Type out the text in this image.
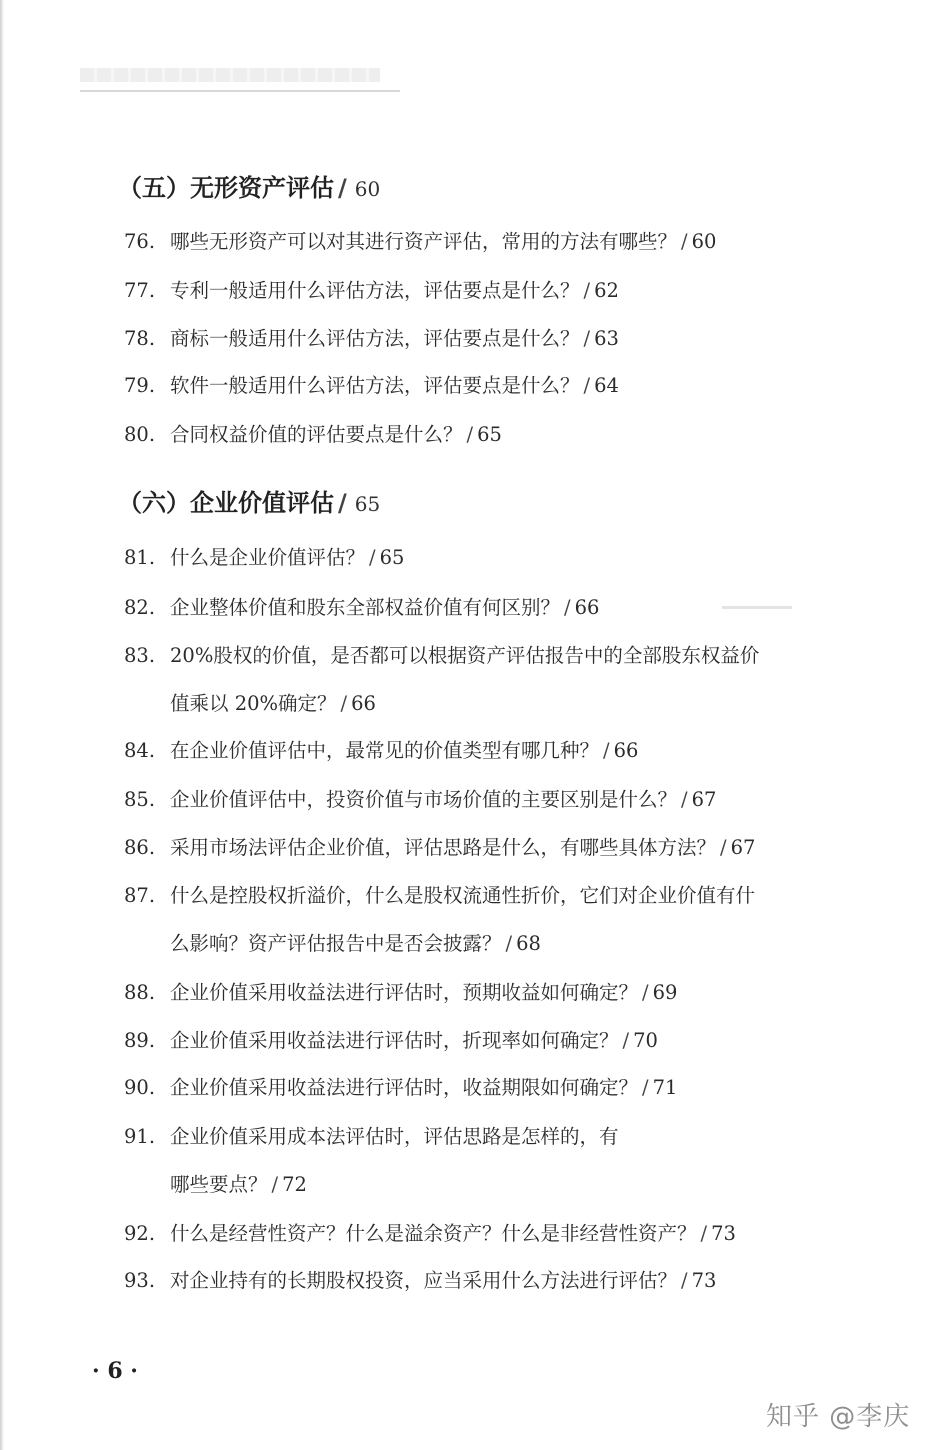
（五）无形资产评估 / 60
76. 哪些无形资产可以对其进行资产评估，常用的方法有哪些？ / 60
77. 专利一般适用什么评估方法，评估要点是什么？ / 62
78. 商标一般适用什么评估方法，评估要点是什么？ / 63
79. 软件一般适用什么评估方法，评估要点是什么？ / 64
80. 合同权益价值的评估要点是什么？ / 65
（六）企业价值评估 / 65
81. 什么是企业价值评估？ / 65
82. 企业整体价值和股东全部权益价值有何区别？ / 66
83. 20%股权的价值，是否都可以根据资产评估报告中的全部股东权益价
值乘以 20%确定？ / 66
84. 在企业价值评估中，最常见的价值类型有哪几种？ / 66
85. 企业价值评估中，投资价值与市场价值的主要区别是什么？ / 67
86. 采用市场法评估企业价值，评估思路是什么，有哪些具体方法？ / 67
87. 什么是控股权折溢价，什么是股权流通性折价，它们对企业价值有什
么影响？资产评估报告中是否会披露？ / 68
88. 企业价值采用收益法进行评估时，预期收益如何确定？ / 69
89. 企业价值采用收益法进行评估时，折现率如何确定？ / 70
90. 企业价值采用收益法进行评估时，收益期限如何确定？ / 71
91. 企业价值采用成本法评估时，评估思路是怎样的，有
哪些要点？ / 72
92. 什么是经营性资产？什么是溢余资产？什么是非经营性资产？ / 73
93. 对企业持有的长期股权投资，应当采用什么方法进行评估？ / 73
· 6 ·
知乎 @李庆
